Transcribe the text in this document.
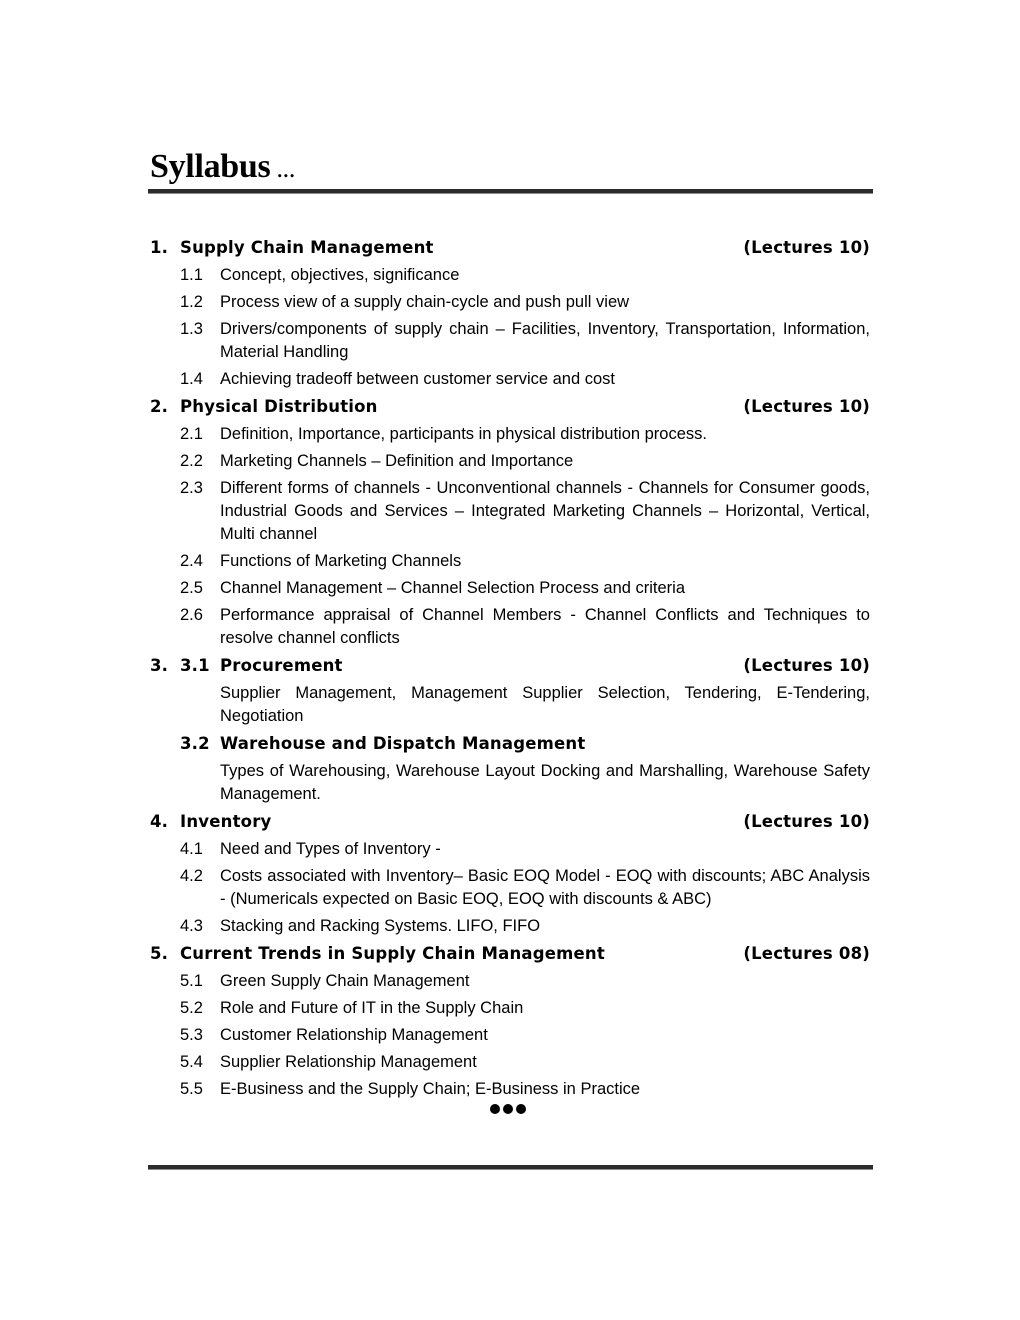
Syllabus ...
1. Supply Chain Management	(Lectures 10)
1.1	Concept, objectives, significance
1.2	Process view of a supply chain-cycle and push pull view
1.3	Drivers/components of supply chain – Facilities, Inventory, Transportation, Information, Material Handling
1.4	Achieving tradeoff between customer service and cost
2. Physical Distribution	(Lectures 10)
2.1	Definition, Importance, participants in physical distribution process.
2.2	Marketing Channels – Definition and Importance
2.3	Different forms of channels - Unconventional channels - Channels for Consumer goods, Industrial Goods and Services – Integrated Marketing Channels – Horizontal, Vertical, Multi channel
2.4	Functions of Marketing Channels
2.5	Channel Management – Channel Selection Process and criteria
2.6	Performance appraisal of Channel Members - Channel Conflicts and Techniques to resolve channel conflicts
3. 3.1 Procurement	(Lectures 10)
Supplier Management, Management Supplier Selection, Tendering, E-Tendering, Negotiation
3.2 Warehouse and Dispatch Management
Types of Warehousing, Warehouse Layout Docking and Marshalling, Warehouse Safety Management.
4. Inventory	(Lectures 10)
4.1	Need and Types of Inventory -
4.2	Costs associated with Inventory– Basic EOQ Model - EOQ with discounts; ABC Analysis - (Numericals expected on Basic EOQ, EOQ with discounts & ABC)
4.3	Stacking and Racking Systems. LIFO, FIFO
5. Current Trends in Supply Chain Management	(Lectures 08)
5.1	Green Supply Chain Management
5.2	Role and Future of IT in the Supply Chain
5.3	Customer Relationship Management
5.4	Supplier Relationship Management
5.5	E-Business and the Supply Chain; E-Business in Practice
